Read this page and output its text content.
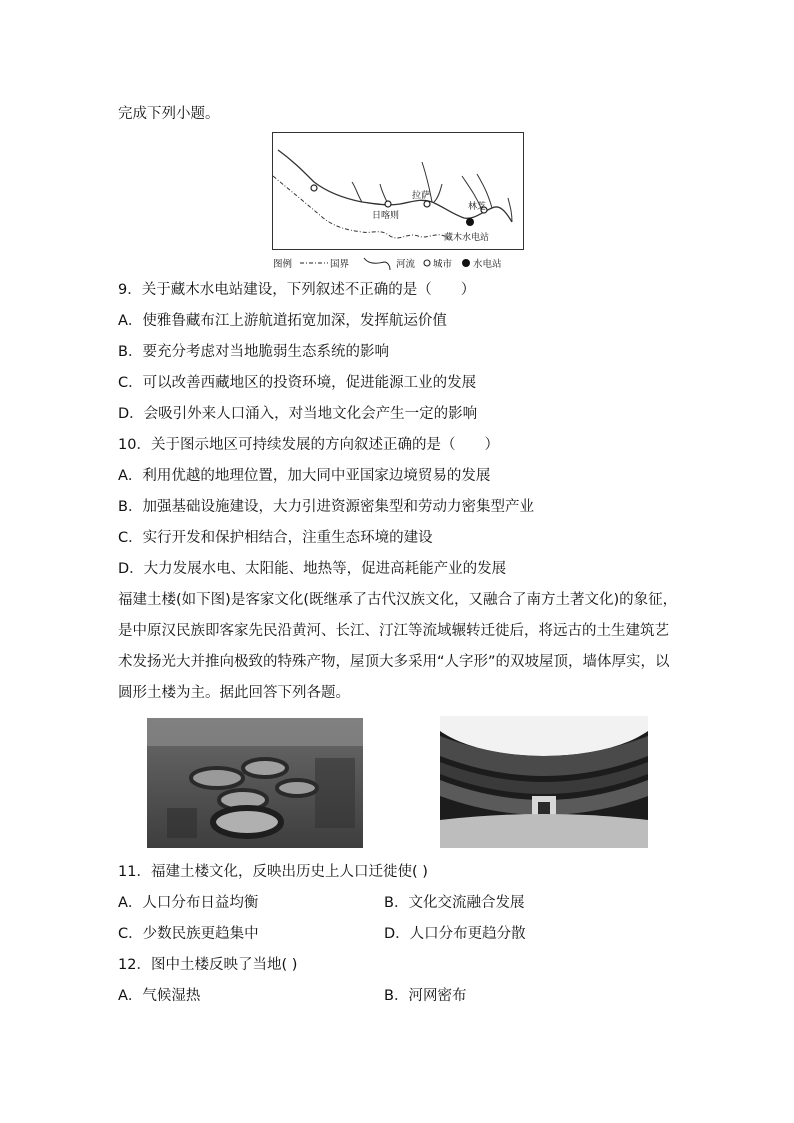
完成下列小题。
拉萨
日喀则
林芝
藏木水电站
图例	国界	河流 城市 水电站
9．关于藏木水电站建设，下列叙述不正确的是（　　）
A．使雅鲁藏布江上游航道拓宽加深，发挥航运价值
B．要充分考虑对当地脆弱生态系统的影响
C．可以改善西藏地区的投资环境，促进能源工业的发展
D．会吸引外来人口涌入，对当地文化会产生一定的影响
10．关于图示地区可持续发展的方向叙述正确的是（　　）
A．利用优越的地理位置，加大同中亚国家边境贸易的发展
B．加强基础设施建设，大力引进资源密集型和劳动力密集型产业
C．实行开发和保护相结合，注重生态环境的建设
D．大力发展水电、太阳能、地热等，促进高耗能产业的发展
福建土楼(如下图)是客家文化(既继承了古代汉族文化，又融合了南方土著文化)的象征，是中原汉民族即客家先民沿黄河、长江、汀江等流域辗转迁徙后，将远古的土生建筑艺术发扬光大并推向极致的特殊产物，屋顶大多采用“人字形”的双坡屋顶，墙体厚实，以圆形土楼为主。据此回答下列各题。
11．福建土楼文化，反映出历史上人口迁徙使( )
A．人口分布日益均衡	B．文化交流融合发展
C．少数民族更趋集中	D．人口分布更趋分散
12．图中土楼反映了当地( )
A．气候湿热	B．河网密布
